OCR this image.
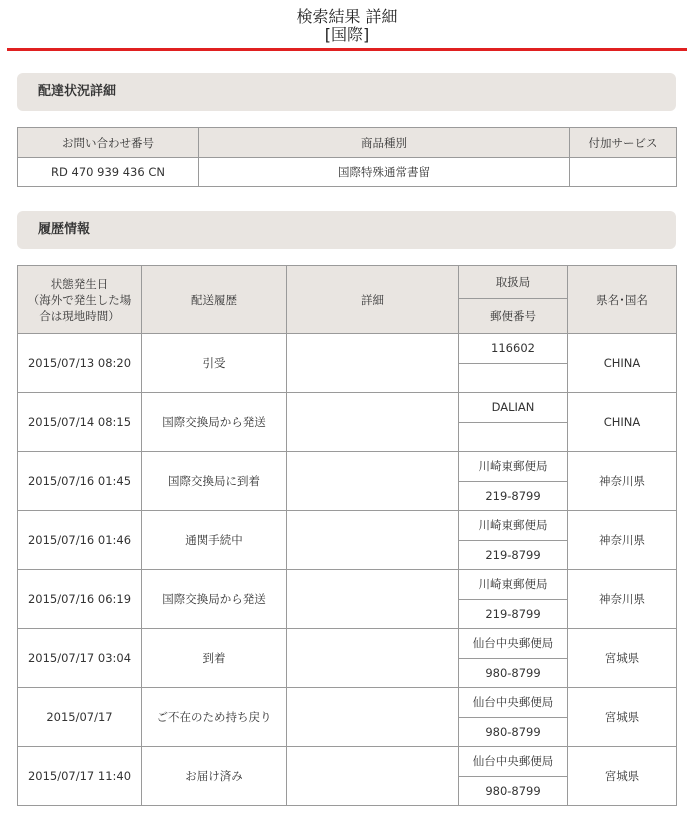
検索結果 詳細
[国際]
配達状況詳細
お問い合わせ番号	商品種別	付加サービス
RD 470 939 436 CN	国際特殊通常書留	
履歴情報
状態発生日
（海外で発生した場
合は現地時間）	配送履歴	詳細	取扱局	県名･国名
			郵便番号	
2015/07/13 08:20	引受		116602	CHINA

2015/07/14 08:15	国際交換局から発送		DALIAN	CHINA

2015/07/16 01:45	国際交換局に到着		川崎東郵便局	神奈川県
			219-8799	
2015/07/16 01:46	通関手続中		川崎東郵便局	神奈川県
			219-8799	
2015/07/16 06:19	国際交換局から発送		川崎東郵便局	神奈川県
			219-8799	
2015/07/17 03:04	到着		仙台中央郵便局	宮城県
			980-8799	
2015/07/17	ご不在のため持ち戻り		仙台中央郵便局	宮城県
			980-8799	
2015/07/17 11:40	お届け済み		仙台中央郵便局	宮城県
			980-8799	
